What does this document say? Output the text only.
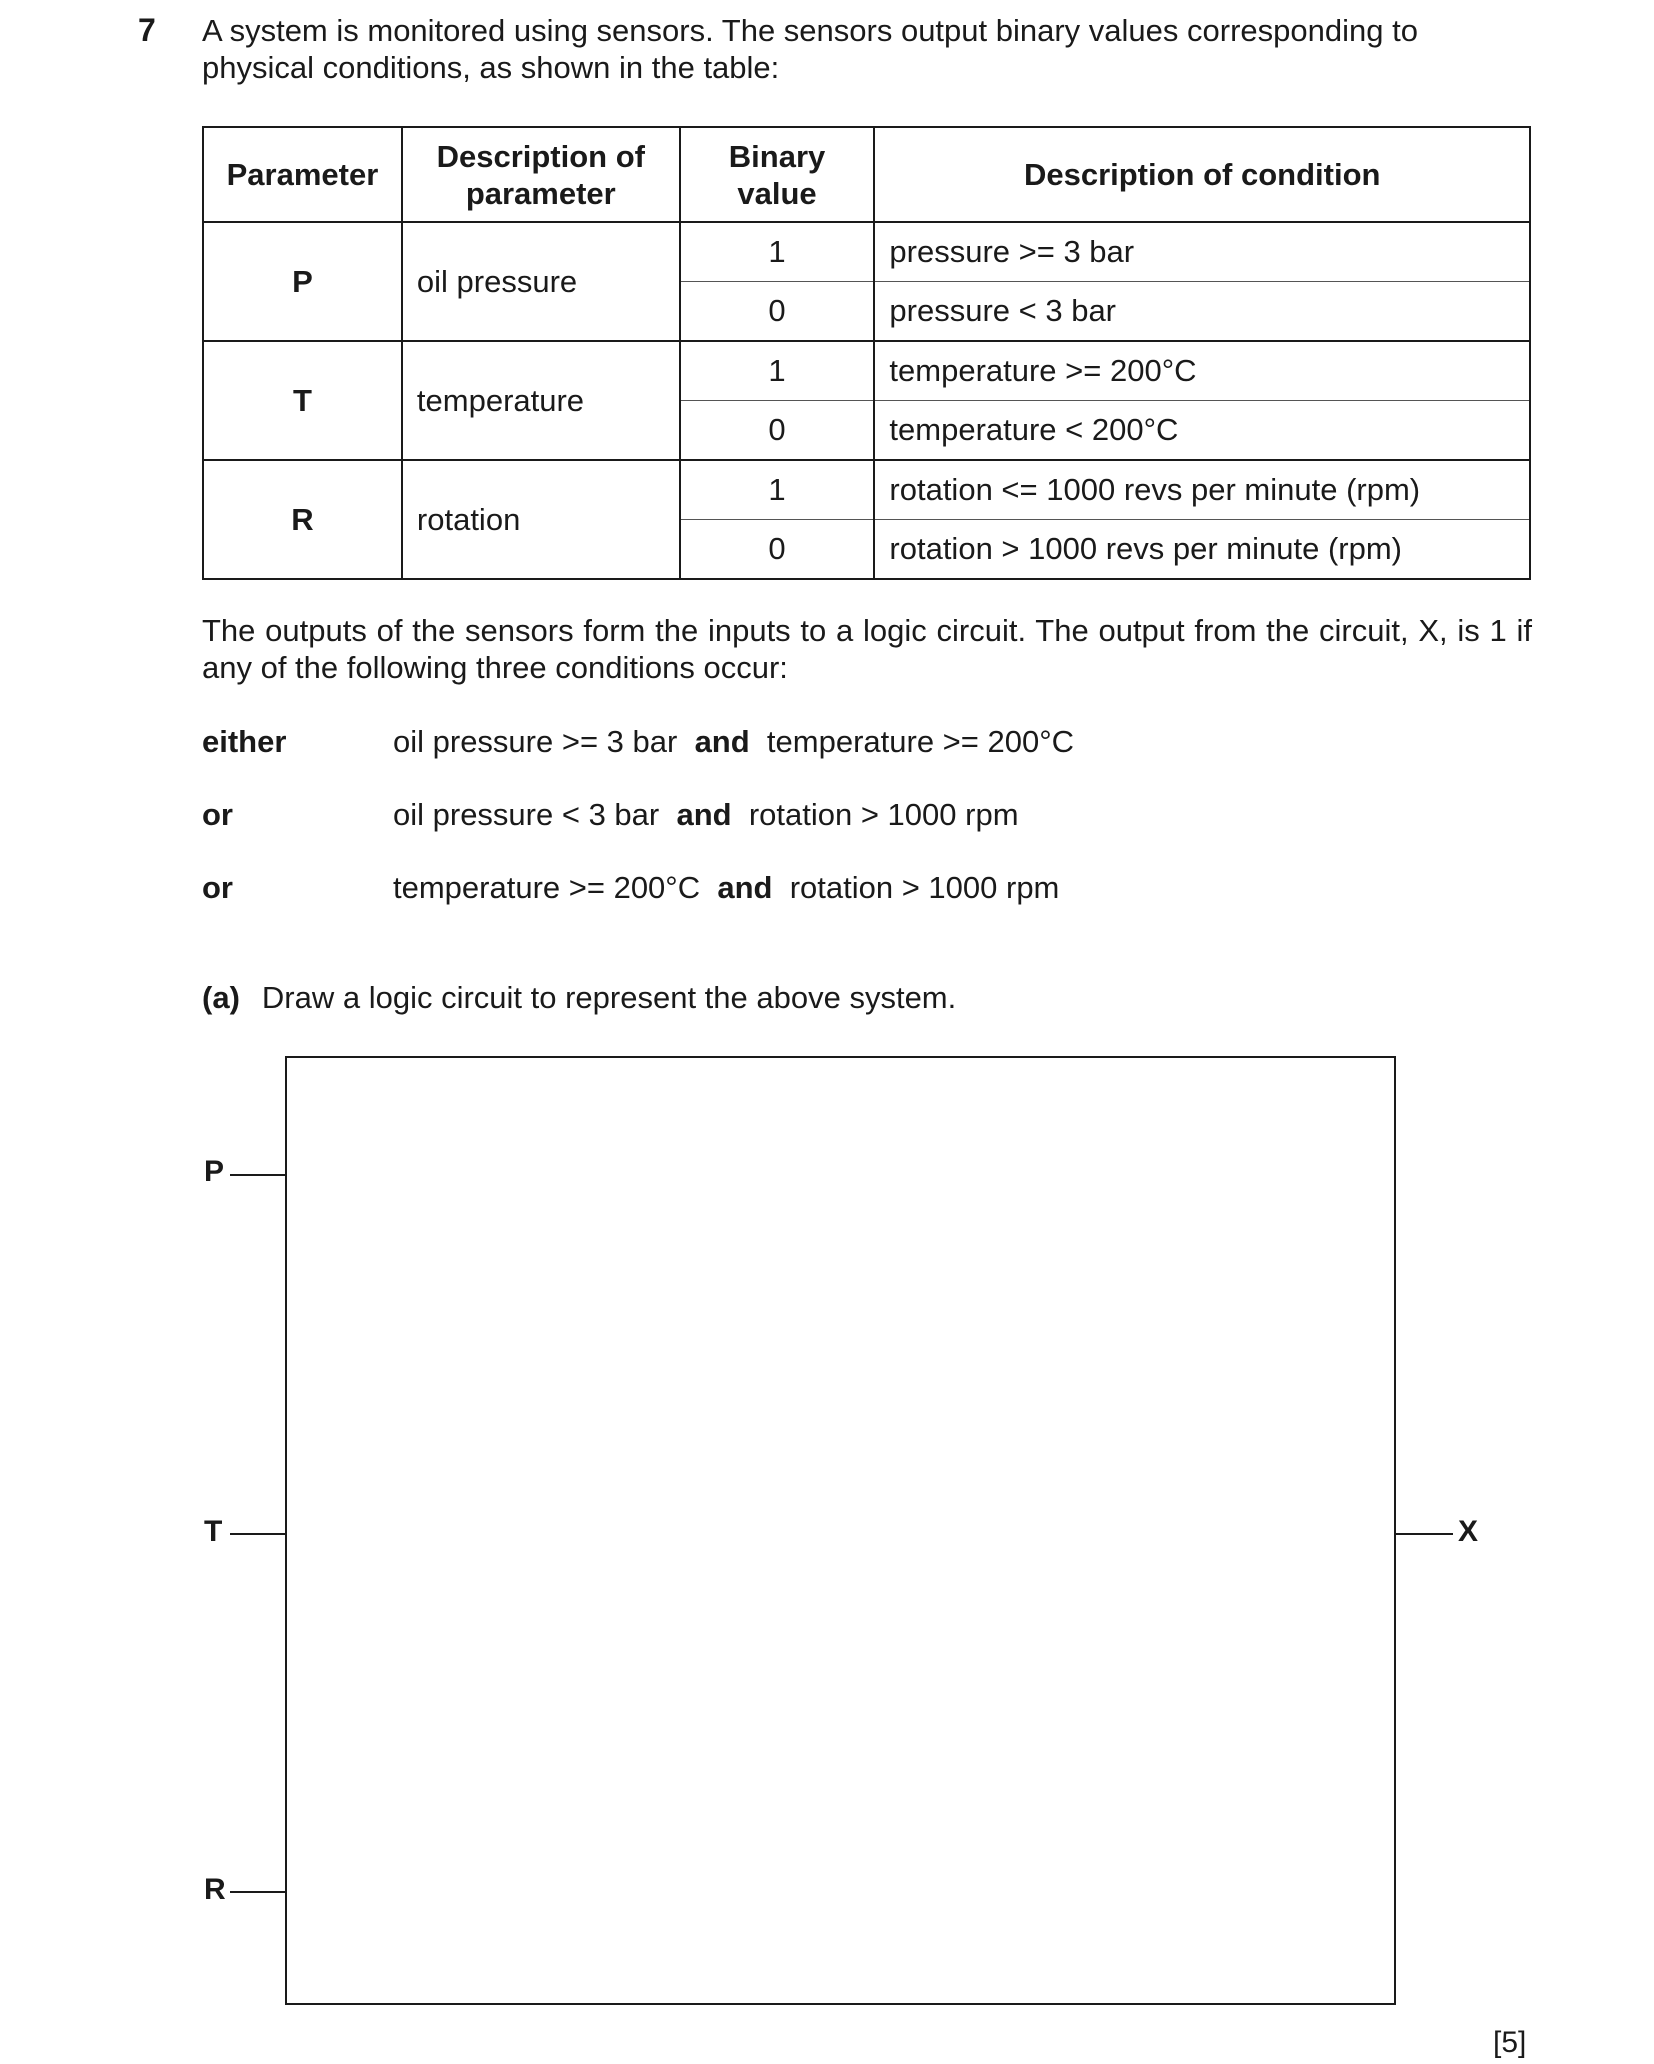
7 A system is monitored using sensors. The sensors output binary values corresponding to physical conditions, as shown in the table:
Parameter	Description of parameter	Binary value	Description of condition
P	oil pressure	1	pressure >= 3 bar
		0	pressure < 3 bar
T	temperature	1	temperature >= 200°C
		0	temperature < 200°C
R	rotation	1	rotation <= 1000 revs per minute (rpm)
		0	rotation > 1000 revs per minute (rpm)
The outputs of the sensors form the inputs to a logic circuit. The output from the circuit, X, is 1 if any of the following three conditions occur:
either	oil pressure >= 3 bar and temperature >= 200°C
or	oil pressure < 3 bar and rotation > 1000 rpm
or	temperature >= 200°C and rotation > 1000 rpm
(a) Draw a logic circuit to represent the above system.
P
T
R
X
[5]
